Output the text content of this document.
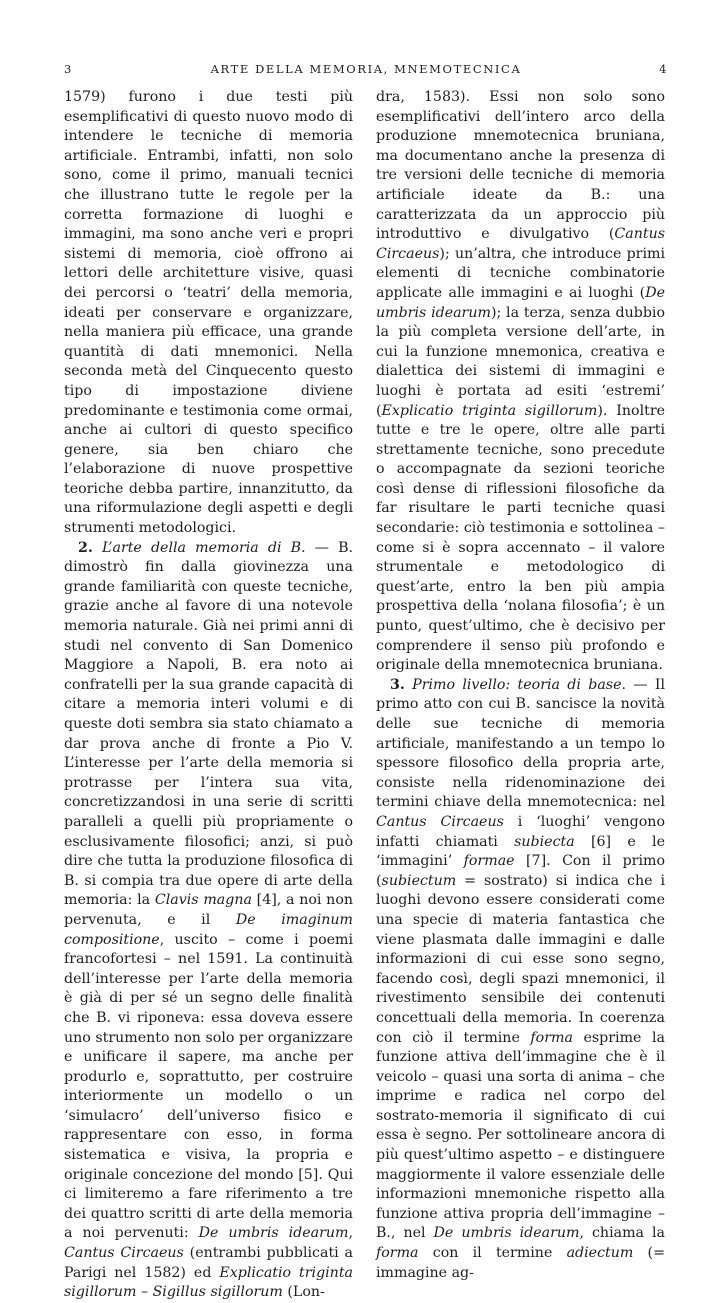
3	ARTE DELLA MEMORIA, MNEMOTECNICA	4

1579) furono i due testi più esemplificativi di questo nuovo modo di intendere le tecniche di memoria artificiale. Entrambi, infatti, non solo sono, come il primo, manuali tecnici che illustrano tutte le regole per la corretta formazione di luoghi e immagini, ma sono anche veri e propri sistemi di memoria, cioè offrono ai lettori delle architetture visive, quasi dei percorsi o ‘teatri’ della memoria, ideati per conservare e organizzare, nella maniera più efficace, una grande quantità di dati mnemonici. Nella seconda metà del Cinquecento questo tipo di impostazione diviene predominante e testimonia come ormai, anche ai cultori di questo specifico genere, sia ben chiaro che l’elaborazione di nuove prospettive teoriche debba partire, innanzitutto, da una riformulazione degli aspetti e degli strumenti metodologici.

2. L’arte della memoria di B. — B. dimostrò fin dalla giovinezza una grande familiarità con queste tecniche, grazie anche al favore di una notevole memoria naturale. Già nei primi anni di studi nel convento di San Domenico Maggiore a Napoli, B. era noto ai confratelli per la sua grande capacità di citare a memoria interi volumi e di queste doti sembra sia stato chiamato a dar prova anche di fronte a Pio V. L’interesse per l’arte della memoria si protrasse per l’intera sua vita, concretizzandosi in una serie di scritti paralleli a quelli più propriamente o esclusivamente filosofici; anzi, si può dire che tutta la produzione filosofica di B. si compia tra due opere di arte della memoria: la Clavis magna [4], a noi non pervenuta, e il De imaginum compositione, uscito – come i poemi francofortesi – nel 1591. La continuità dell’interesse per l’arte della memoria è già di per sé un segno delle finalità che B. vi riponeva: essa doveva essere uno strumento non solo per organizzare e unificare il sapere, ma anche per produrlo e, soprattutto, per costruire interiormente un modello o un ‘simulacro’ dell’universo fisico e rappresentare con esso, in forma sistematica e visiva, la propria e originale concezione del mondo [5]. Qui ci limiteremo a fare riferimento a tre dei quattro scritti di arte della memoria a noi pervenuti: De umbris idearum, Cantus Circaeus (entrambi pubblicati a Parigi nel 1582) ed Explicatio triginta sigillorum – Sigillus sigillorum (Lon-

dra, 1583). Essi non solo sono esemplificativi dell’intero arco della produzione mnemotecnica bruniana, ma documentano anche la presenza di tre versioni delle tecniche di memoria artificiale ideate da B.: una caratterizzata da un approccio più introduttivo e divulgativo (Cantus Circaeus); un’altra, che introduce primi elementi di tecniche combinatorie applicate alle immagini e ai luoghi (De umbris idearum); la terza, senza dubbio la più completa versione dell’arte, in cui la funzione mnemonica, creativa e dialettica dei sistemi di immagini e luoghi è portata ad esiti ‘estremi’ (Explicatio triginta sigillorum). Inoltre tutte e tre le opere, oltre alle parti strettamente tecniche, sono precedute o accompagnate da sezioni teoriche così dense di riflessioni filosofiche da far risultare le parti tecniche quasi secondarie: ciò testimonia e sottolinea – come si è sopra accennato – il valore strumentale e metodologico di quest’arte, entro la ben più ampia prospettiva della ‘nolana filosofia’; è un punto, quest’ultimo, che è decisivo per comprendere il senso più profondo e originale della mnemotecnica bruniana.

3. Primo livello: teoria di base. — Il primo atto con cui B. sancisce la novità delle sue tecniche di memoria artificiale, manifestando a un tempo lo spessore filosofico della propria arte, consiste nella ridenominazione dei termini chiave della mnemotecnica: nel Cantus Circaeus i ‘luoghi’ vengono infatti chiamati subiecta [6] e le ‘immagini’ formae [7]. Con il primo (subiectum = sostrato) si indica che i luoghi devono essere considerati come una specie di materia fantastica che viene plasmata dalle immagini e dalle informazioni di cui esse sono segno, facendo così, degli spazi mnemonici, il rivestimento sensibile dei contenuti concettuali della memoria. In coerenza con ciò il termine forma esprime la funzione attiva dell’immagine che è il veicolo – quasi una sorta di anima – che imprime e radica nel corpo del sostrato-memoria il significato di cui essa è segno. Per sottolineare ancora di più quest’ultimo aspetto – e distinguere maggiormente il valore essenziale delle informazioni mnemoniche rispetto alla funzione attiva propria dell’immagine – B., nel De umbris idearum, chiama la forma con il termine adiectum (= immagine ag-
